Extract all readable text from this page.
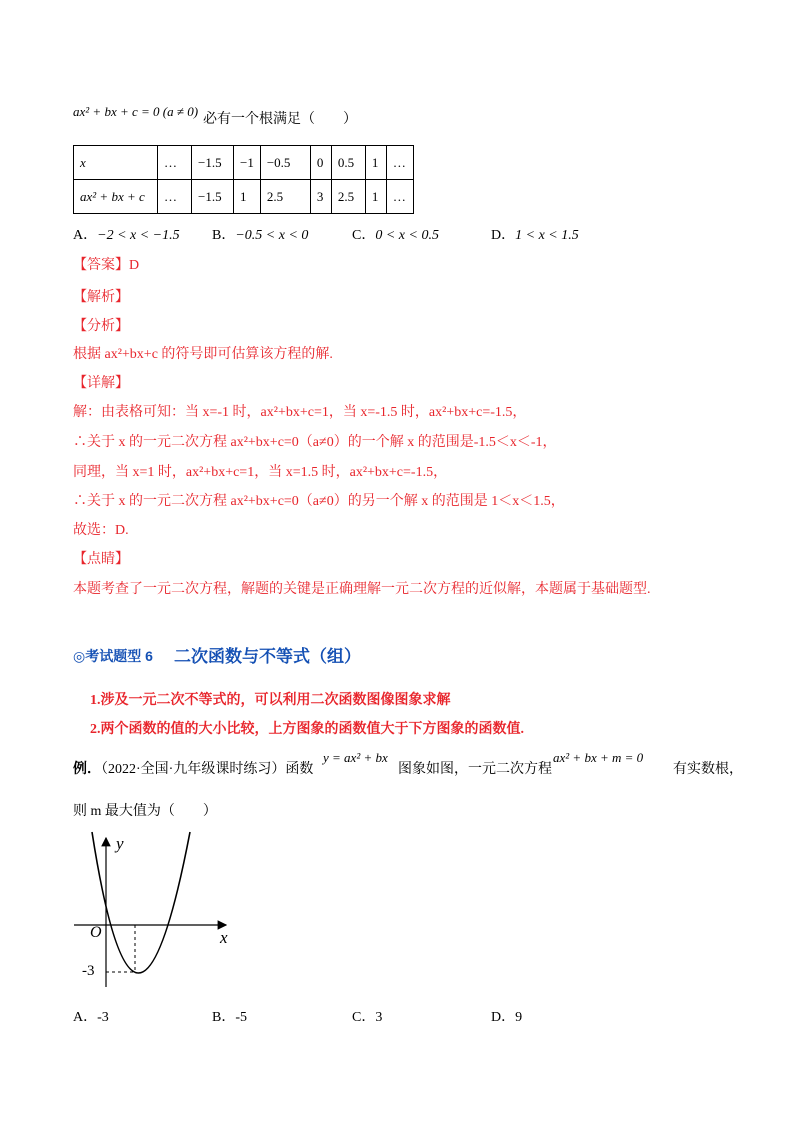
ax² + bx + c = 0 (a ≠ 0)
必有一个根满足（　　）
x	…	−1.5	−1	−0.5	0	0.5	1	…
ax² + bx + c	…	−1.5	1	2.5	3	2.5	1	…
A．−2 < x < −1.5 B．−0.5 < x < 0	C．0 < x < 0.5	D．1 < x < 1.5
【答案】D
【解析】
【分析】
根据 ax²+bx+c 的符号即可估算该方程的解.
【详解】
解：由表格可知：当 x=-1 时，ax²+bx+c=1，当 x=-1.5 时，ax²+bx+c=-1.5，
∴关于 x 的一元二次方程 ax²+bx+c=0（a≠0）的一个解 x 的范围是-1.5＜x＜-1，
同理，当 x=1 时，ax²+bx+c=1，当 x=1.5 时，ax²+bx+c=-1.5，
∴关于 x 的一元二次方程 ax²+bx+c=0（a≠0）的另一个解 x 的范围是 1＜x＜1.5，
故选：D.
【点睛】
本题考查了一元二次方程，解题的关键是正确理解一元二次方程的近似解，本题属于基础题型.
◎考试题型 6 二次函数与不等式（组）
1.涉及一元二次不等式的，可以利用二次函数图像图象求解
2.两个函数的值的大小比较，上方图象的函数值大于下方图象的函数值.
例．（2022·全国·九年级课时练习）函数
y = ax² + bx
图象如图，一元二次方程
ax² + bx + m = 0
有实数根，
则 m 最大值为（　　）
y
x
O
-3
A．-3	B．-5	C．3	D．9
